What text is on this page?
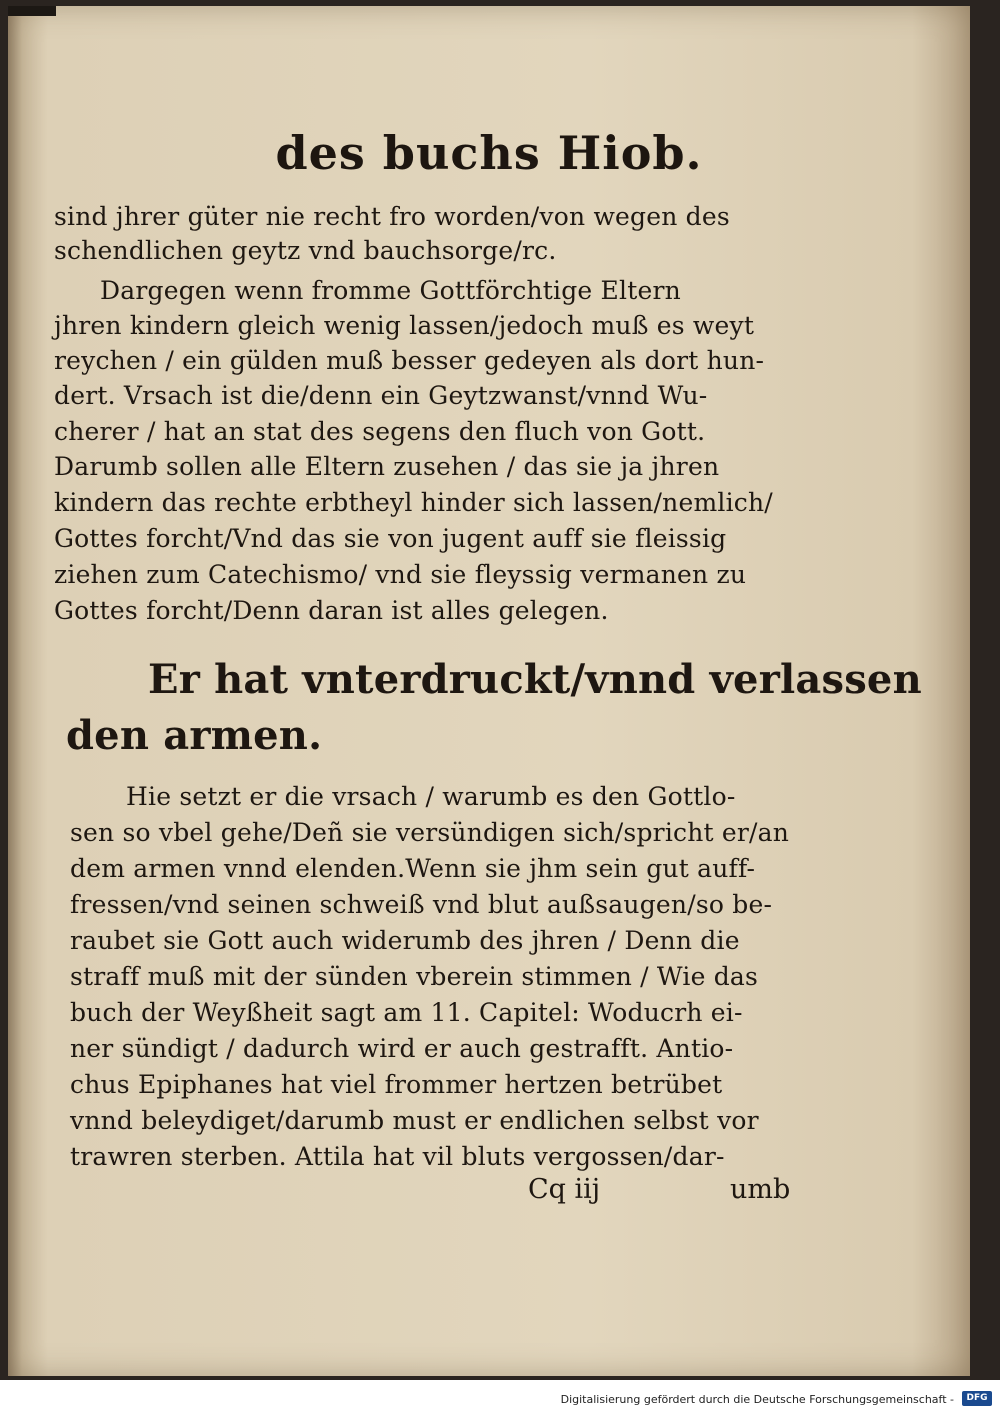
des buchs Hiob.
sind jhrer güter nie recht fro worden/von wegen des
schendlichen geytz vnd bauchsorge/rc.
Dargegen wenn fromme Gottförchtige Eltern
jhren kindern gleich wenig lassen/jedoch muß es weyt
reychen / ein gülden muß besser gedeyen als dort hun-
dert. Vrsach ist die/denn ein Geytzwanst/vnnd Wu-
cherer / hat an stat des segens den fluch von Gott.
Darumb sollen alle Eltern zusehen / das sie ja jhren
kindern das rechte erbtheyl hinder sich lassen/nemlich/
Gottes forcht/Vnd das sie von jugent auff sie fleissig
ziehen zum Catechismo/ vnd sie fleyssig vermanen zu
Gottes forcht/Denn daran ist alles gelegen.
Er hat vnterdruckt/vnnd verlassen
den armen.
Hie setzt er die vrsach / warumb es den Gottlo-
sen so vbel gehe/Deñ sie versündigen sich/spricht er/an
dem armen vnnd elenden.Wenn sie jhm sein gut auff-
fressen/vnd seinen schweiß vnd blut außsaugen/so be-
raubet sie Gott auch widerumb des jhren / Denn die
straff muß mit der sünden vberein stimmen / Wie das
buch der Weyßheit sagt am 11. Capitel: Woducrh ei-
ner sündigt / dadurch wird er auch gestrafft. Antio-
chus Epiphanes hat viel frommer hertzen betrübet
vnnd beleydiget/darumb must er endlichen selbst vor
trawren sterben. Attila hat vil bluts vergossen/dar-
Cq iij	umb
Digitalisierung gefördert durch die Deutsche Forschungsgemeinschaft -	DFG
